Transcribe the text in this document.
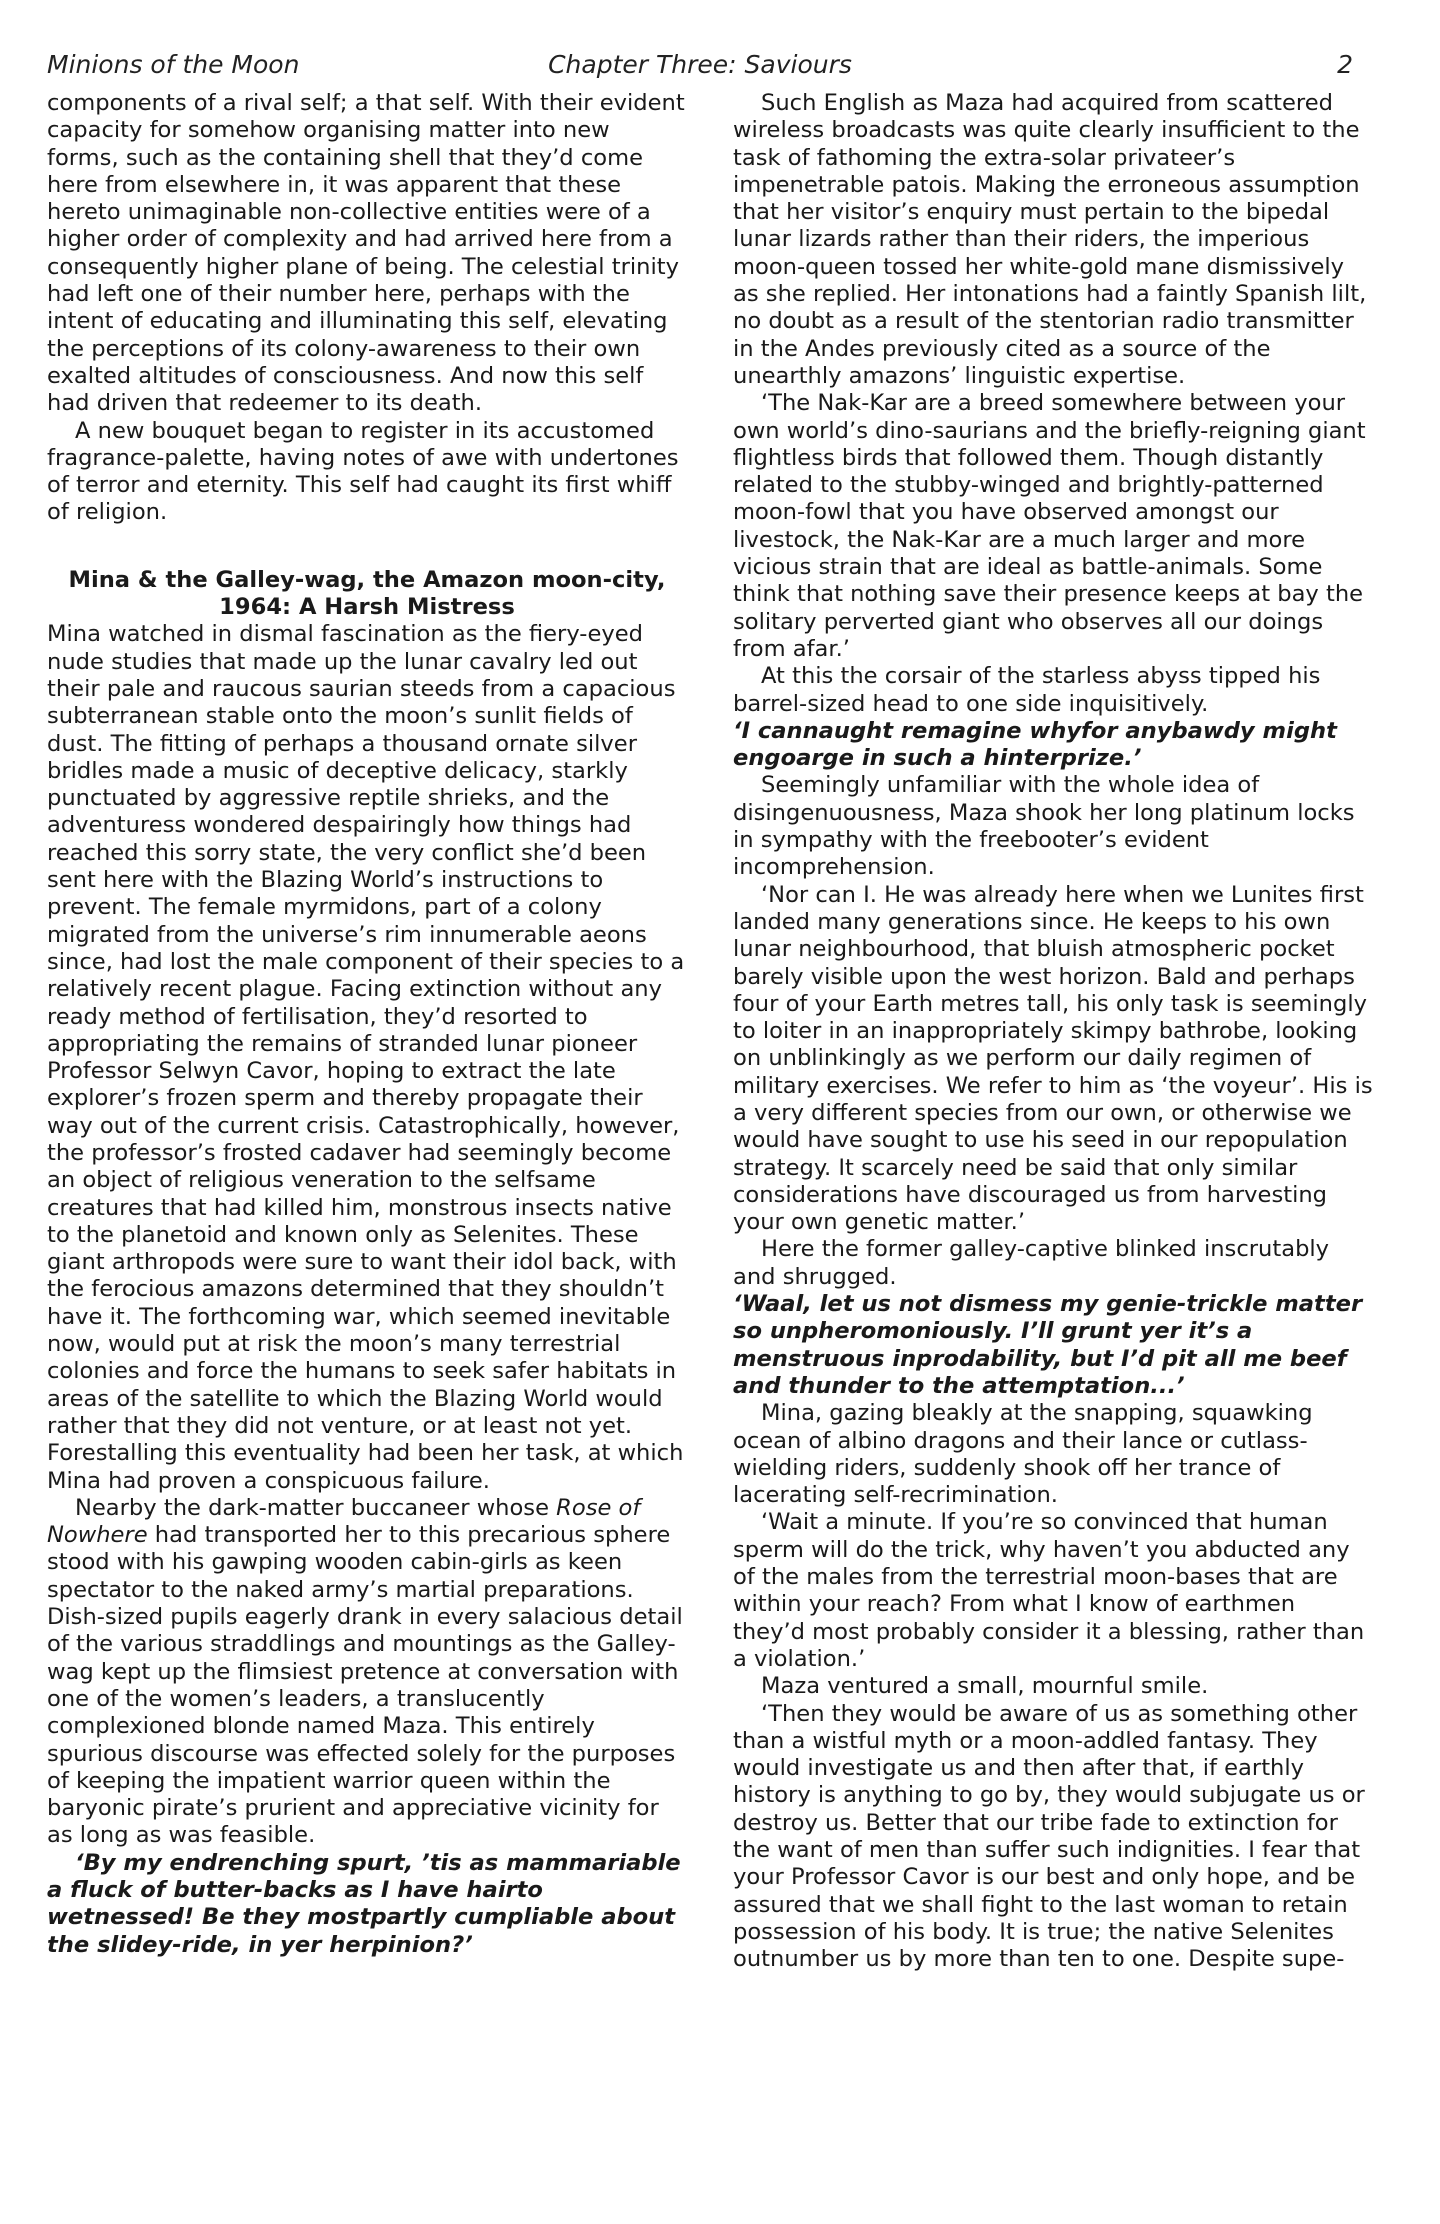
Minions of the Moon	Chapter Three: Saviours	2

components of a rival self; a that self. With their evident capacity for somehow organising matter into new forms, such as the containing shell that they’d come here from elsewhere in, it was apparent that these hereto unimaginable non-collective entities were of a higher order of complexity and had arrived here from a consequently higher plane of being. The celestial trinity had left one of their number here, perhaps with the intent of educating and illuminating this self, elevating the perceptions of its colony-awareness to their own exalted altitudes of consciousness. And now this self had driven that redeemer to its death.

A new bouquet began to register in its accustomed fragrance-palette, having notes of awe with undertones of terror and eternity. This self had caught its first whiff of religion.

Mina & the Galley-wag, the Amazon moon-city,
1964: A Harsh Mistress

Mina watched in dismal fascination as the fiery-eyed nude studies that made up the lunar cavalry led out their pale and raucous saurian steeds from a capacious subterranean stable onto the moon’s sunlit fields of dust. The fitting of perhaps a thousand ornate silver bridles made a music of deceptive delicacy, starkly punctuated by aggressive reptile shrieks, and the adventuress wondered despairingly how things had reached this sorry state, the very conflict she’d been sent here with the Blazing World’s instructions to prevent. The female myrmidons, part of a colony migrated from the universe’s rim innumerable aeons since, had lost the male component of their species to a relatively recent plague. Facing extinction without any ready method of fertilisation, they’d resorted to appropriating the remains of stranded lunar pioneer Professor Selwyn Cavor, hoping to extract the late explorer’s frozen sperm and thereby propagate their way out of the current crisis. Catastrophically, however, the professor’s frosted cadaver had seemingly become an object of religious veneration to the selfsame creatures that had killed him, monstrous insects native to the planetoid and known only as Selenites. These giant arthropods were sure to want their idol back, with the ferocious amazons determined that they shouldn’t have it. The forthcoming war, which seemed inevitable now, would put at risk the moon’s many terrestrial colonies and force the humans to seek safer habitats in areas of the satellite to which the Blazing World would rather that they did not venture, or at least not yet. Forestalling this eventuality had been her task, at which Mina had proven a conspicuous failure.

Nearby the dark-matter buccaneer whose Rose of Nowhere had transported her to this precarious sphere stood with his gawping wooden cabin-girls as keen spectator to the naked army’s martial preparations. Dish-sized pupils eagerly drank in every salacious detail of the various straddlings and mountings as the Galley-wag kept up the flimsiest pretence at conversation with one of the women’s leaders, a translucently complexioned blonde named Maza. This entirely spurious discourse was effected solely for the purposes of keeping the impatient warrior queen within the baryonic pirate’s prurient and appreciative vicinity for as long as was feasible.

‘By my endrenching spurt, ’tis as mammariable a fluck of butter-backs as I have hairto wetnessed! Be they mostpartly cumpliable about the slidey-ride, in yer herpinion?’

Such English as Maza had acquired from scattered wireless broadcasts was quite clearly insufficient to the task of fathoming the extra-solar privateer’s impenetrable patois. Making the erroneous assumption that her visitor’s enquiry must pertain to the bipedal lunar lizards rather than their riders, the imperious moon-queen tossed her white-gold mane dismissively as she replied. Her intonations had a faintly Spanish lilt, no doubt as a result of the stentorian radio transmitter in the Andes previously cited as a source of the unearthly amazons’ linguistic expertise.

‘The Nak-Kar are a breed somewhere between your own world’s dino-saurians and the briefly-reigning giant flightless birds that followed them. Though distantly related to the stubby-winged and brightly-patterned moon-fowl that you have observed amongst our livestock, the Nak-Kar are a much larger and more vicious strain that are ideal as battle-animals. Some think that nothing save their presence keeps at bay the solitary perverted giant who observes all our doings from afar.’

At this the corsair of the starless abyss tipped his barrel-sized head to one side inquisitively.

‘I cannaught remagine whyfor anybawdy might engoarge in such a hinterprize.’

Seemingly unfamiliar with the whole idea of disingenuousness, Maza shook her long platinum locks in sympathy with the freebooter’s evident incomprehension.

‘Nor can I. He was already here when we Lunites first landed many generations since. He keeps to his own lunar neighbourhood, that bluish atmospheric pocket barely visible upon the west horizon. Bald and perhaps four of your Earth metres tall, his only task is seemingly to loiter in an inappropriately skimpy bathrobe, looking on unblinkingly as we perform our daily regimen of military exercises. We refer to him as ‘the voyeur’. His is a very different species from our own, or otherwise we would have sought to use his seed in our repopulation strategy. It scarcely need be said that only similar considerations have discouraged us from harvesting your own genetic matter.’

Here the former galley-captive blinked inscrutably and shrugged.

‘Waal, let us not dismess my genie-trickle matter so unpheromoniously. I’ll grunt yer it’s a menstruous inprodability, but I’d pit all me beef and thunder to the attemptation...’

Mina, gazing bleakly at the snapping, squawking ocean of albino dragons and their lance or cutlass-wielding riders, suddenly shook off her trance of lacerating self-recrimination.

‘Wait a minute. If you’re so convinced that human sperm will do the trick, why haven’t you abducted any of the males from the terrestrial moon-bases that are within your reach? From what I know of earthmen they’d most probably consider it a blessing, rather than a violation.’

Maza ventured a small, mournful smile.

‘Then they would be aware of us as something other than a wistful myth or a moon-addled fantasy. They would investigate us and then after that, if earthly history is anything to go by, they would subjugate us or destroy us. Better that our tribe fade to extinction for the want of men than suffer such indignities. I fear that your Professor Cavor is our best and only hope, and be assured that we shall fight to the last woman to retain possession of his body. It is true; the native Selenites outnumber us by more than ten to one. Despite supe-
